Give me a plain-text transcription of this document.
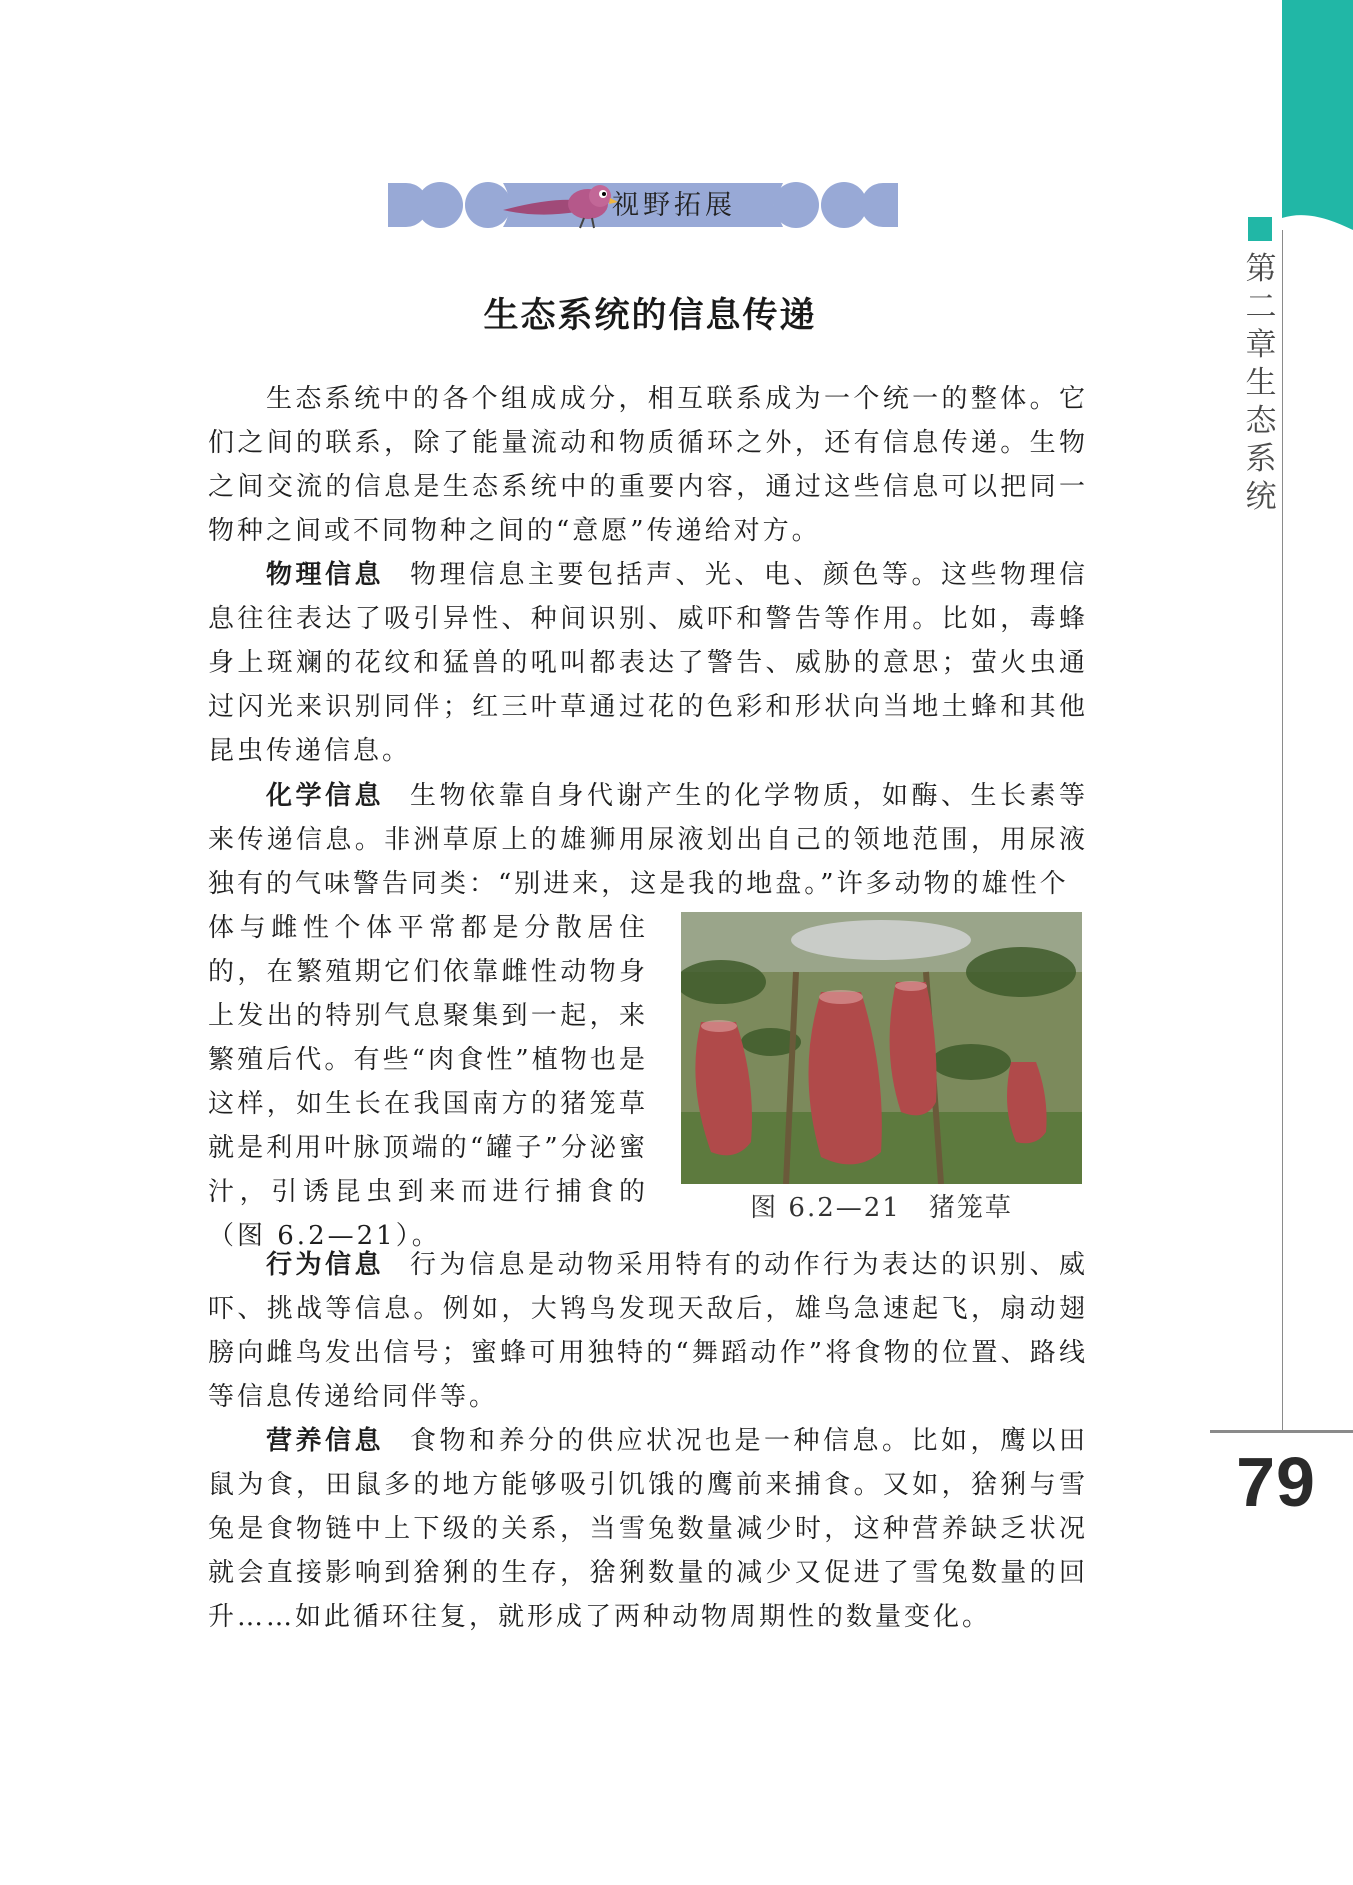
第二章 生态系统
79
视野拓展
生态系统的信息传递
生态系统中的各个组成成分，相互联系成为一个统一的整体。它们之间的联系，除了能量流动和物质循环之外，还有信息传递。生物之间交流的信息是生态系统中的重要内容，通过这些信息可以把同一物种之间或不同物种之间的“意愿”传递给对方。
物理信息 物理信息主要包括声、光、电、颜色等。这些物理信息往往表达了吸引异性、种间识别、威吓和警告等作用。比如，毒蜂身上斑斓的花纹和猛兽的吼叫都表达了警告、威胁的意思；萤火虫通过闪光来识别同伴；红三叶草通过花的色彩和形状向当地土蜂和其他昆虫传递信息。
化学信息 生物依靠自身代谢产生的化学物质，如酶、生长素等来传递信息。非洲草原上的雄狮用尿液划出自己的领地范围，用尿液独有的气味警告同类：“别进来，这是我的地盘。”许多动物的雄性个
体与雌性个体平常都是分散居住的，在繁殖期它们依靠雌性动物身上发出的特别气息聚集到一起，来繁殖后代。有些“肉食性”植物也是这样，如生长在我国南方的猪笼草就是利用叶脉顶端的“罐子”分泌蜜汁，引诱昆虫到来而进行捕食的（图 6.2—21）。
图 6.2—21　猪笼草
行为信息 行为信息是动物采用特有的动作行为表达的识别、威吓、挑战等信息。例如，大鸨鸟发现天敌后，雄鸟急速起飞，扇动翅膀向雌鸟发出信号；蜜蜂可用独特的“舞蹈动作”将食物的位置、路线等信息传递给同伴等。
营养信息 食物和养分的供应状况也是一种信息。比如，鹰以田鼠为食，田鼠多的地方能够吸引饥饿的鹰前来捕食。又如，猞猁与雪兔是食物链中上下级的关系，当雪兔数量减少时，这种营养缺乏状况就会直接影响到猞猁的生存，猞猁数量的减少又促进了雪兔数量的回升……如此循环往复，就形成了两种动物周期性的数量变化。
